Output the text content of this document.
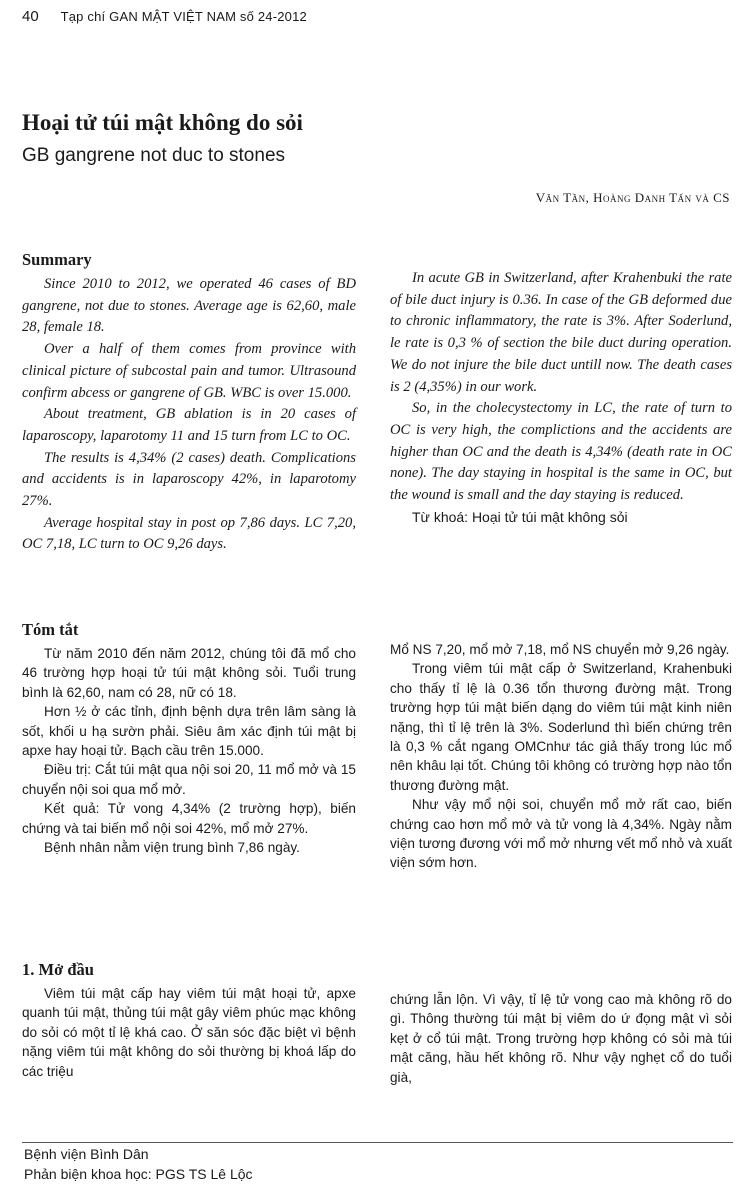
40 Tạp chí GAN MẬT VIỆT NAM số 24-2012
Hoại tử túi mật không do sỏi
GB gangrene not duc to stones
Văn Tần, Hoàng Danh Tấn và CS
Summary

Since 2010 to 2012, we operated 46 cases of BD gangrene, not due to stones. Average age is 62,60, male 28, female 18.

Over a half of them comes from province with clinical picture of subcostal pain and tumor. Ultrasound confirm abcess or gangrene of GB. WBC is over 15.000.

About treatment, GB ablation is in 20 cases of laparoscopy, laparotomy 11 and 15 turn from LC to OC.

The results is 4,34% (2 cases) death. Complications and accidents is in laparoscopy 42%, in laparotomy 27%.

Average hospital stay in post op 7,86 days. LC 7,20, OC 7,18, LC turn to OC 9,26 days.

In acute GB in Switzerland, after Krahenbuki the rate of bile duct injury is 0.36. In case of the GB deformed due to chronic inflammatory, the rate is 3%. After Soderlund, le rate is 0,3 % of section the bile duct during operation. We do not injure the bile duct untill now. The death cases is 2 (4,35%) in our work.

So, in the cholecystectomy in LC, the rate of turn to OC is very high, the complictions and the accidents are higher than OC and the death is 4,34% (death rate in OC none). The day staying in hospital is the same in OC, but the wound is small and the day staying is reduced.

Từ khoá: Hoại tử túi mật không sỏi

Tóm tắt

Từ năm 2010 đến năm 2012, chúng tôi đã mổ cho 46 trường hợp hoại tử túi mật không sỏi. Tuổi trung bình là 62,60, nam có 28, nữ có 18.

Hơn ½ ở các tỉnh, định bệnh dựa trên lâm sàng là sốt, khối u hạ sườn phải. Siêu âm xác định túi mật bị apxe hay hoại tử. Bạch cầu trên 15.000.

Điều trị: Cắt túi mật qua nội soi 20, 11 mổ mở và 15 chuyển nội soi qua mổ mở.

Kết quả: Tử vong 4,34% (2 trường hợp), biến chứng và tai biến mổ nội soi 42%, mổ mở 27%.

Bệnh nhân nằm viện trung bình 7,86 ngày.

Mổ NS 7,20, mổ mở 7,18, mổ NS chuyển mở 9,26 ngày.

Trong viêm túi mật cấp ở Switzerland, Krahenbuki cho thấy tỉ lệ là 0.36 tổn thương đường mật. Trong trường hợp túi mật biến dạng do viêm túi mật kinh niên nặng, thì tỉ lệ trên là 3%. Soderlund thì biến chứng trên là 0,3 % cắt ngang OMCnhư tác giả thấy trong lúc mổ nên khâu lại tốt. Chúng tôi không có trường hợp nào tổn thương đường mật.

Như vậy mổ nội soi, chuyển mổ mở rất cao, biến chứng cao hơn mổ mở và tử vong là 4,34%. Ngày nằm viện tương đương với mổ mở nhưng vết mổ nhỏ và xuất viện sớm hơn.

1. Mở đầu

Viêm túi mật cấp hay viêm túi mật hoại tử, apxe quanh túi mật, thủng túi mật gây viêm phúc mạc không do sỏi có một tỉ lệ khá cao. Ở săn sóc đặc biệt vì bệnh nặng viêm túi mật không do sỏi thường bị khoá lấp do các triệu

chứng lẫn lộn. Vì vậy, tỉ lệ tử vong cao mà không rõ do gì. Thông thường túi mật bị viêm do ứ đọng mật vì sỏi kẹt ở cổ túi mật. Trong trường hợp không có sỏi mà túi mật căng, hầu hết không rõ. Như vậy nghẹt cổ do tuổi già,

Bệnh viện Bình Dân
Phản biện khoa học: PGS TS Lê Lộc
